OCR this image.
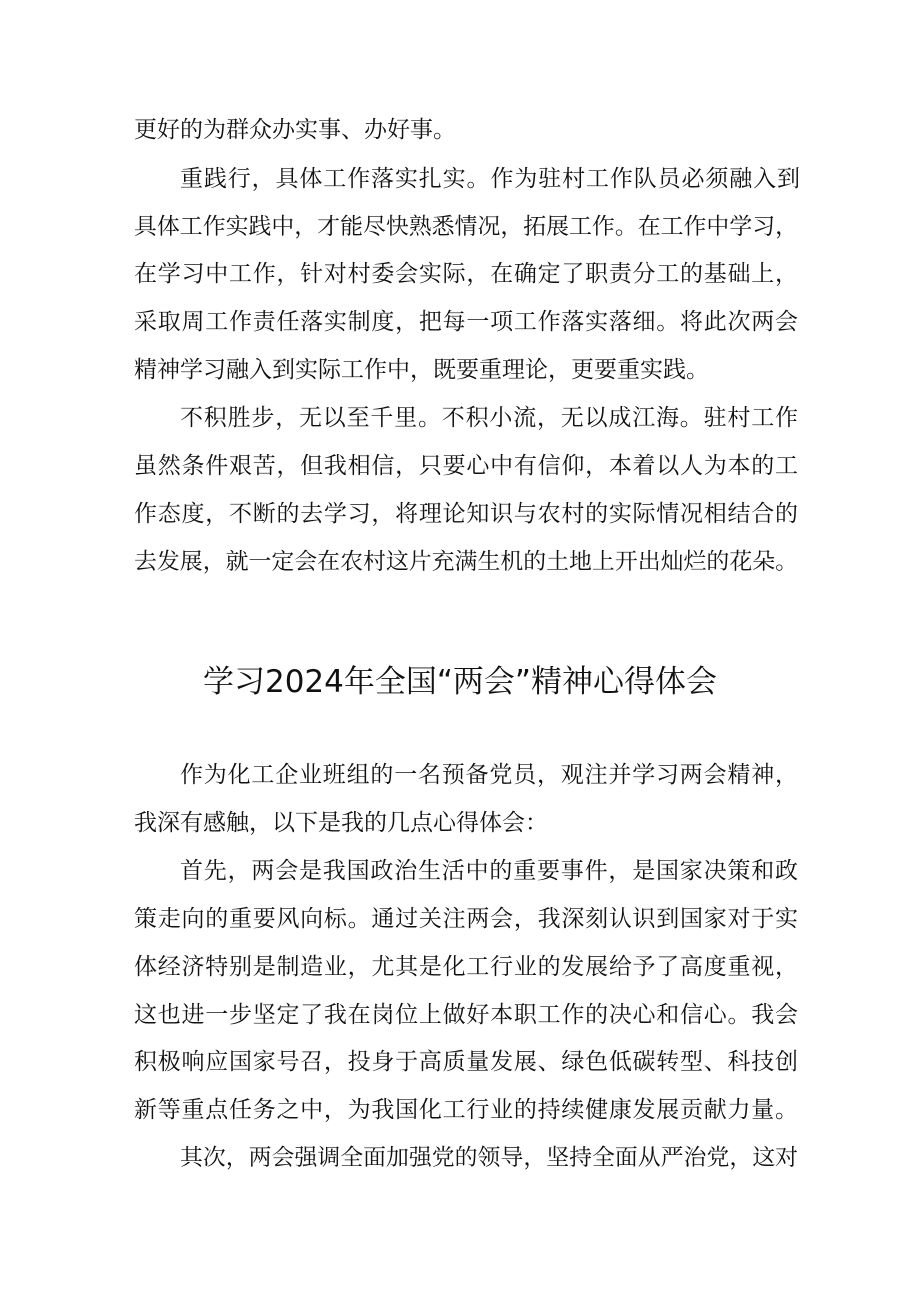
更好的为群众办实事、办好事。
重践行，具体工作落实扎实。作为驻村工作队员必须融入到
具体工作实践中，才能尽快熟悉情况，拓展工作。在工作中学习，
在学习中工作，针对村委会实际，在确定了职责分工的基础上，
采取周工作责任落实制度，把每一项工作落实落细。将此次两会
精神学习融入到实际工作中，既要重理论，更要重实践。
不积胜步，无以至千里。不积小流，无以成江海。驻村工作
虽然条件艰苦，但我相信，只要心中有信仰，本着以人为本的工
作态度，不断的去学习，将理论知识与农村的实际情况相结合的
去发展，就一定会在农村这片充满生机的土地上开出灿烂的花朵。
学习2024年全国“两会”精神心得体会
作为化工企业班组的一名预备党员，观注并学习两会精神，
我深有感触，以下是我的几点心得体会：
首先，两会是我国政治生活中的重要事件，是国家决策和政
策走向的重要风向标。通过关注两会，我深刻认识到国家对于实
体经济特别是制造业，尤其是化工行业的发展给予了高度重视，
这也进一步坚定了我在岗位上做好本职工作的决心和信心。我会
积极响应国家号召，投身于高质量发展、绿色低碳转型、科技创
新等重点任务之中，为我国化工行业的持续健康发展贡献力量。
其次，两会强调全面加强党的领导，坚持全面从严治党，这对
